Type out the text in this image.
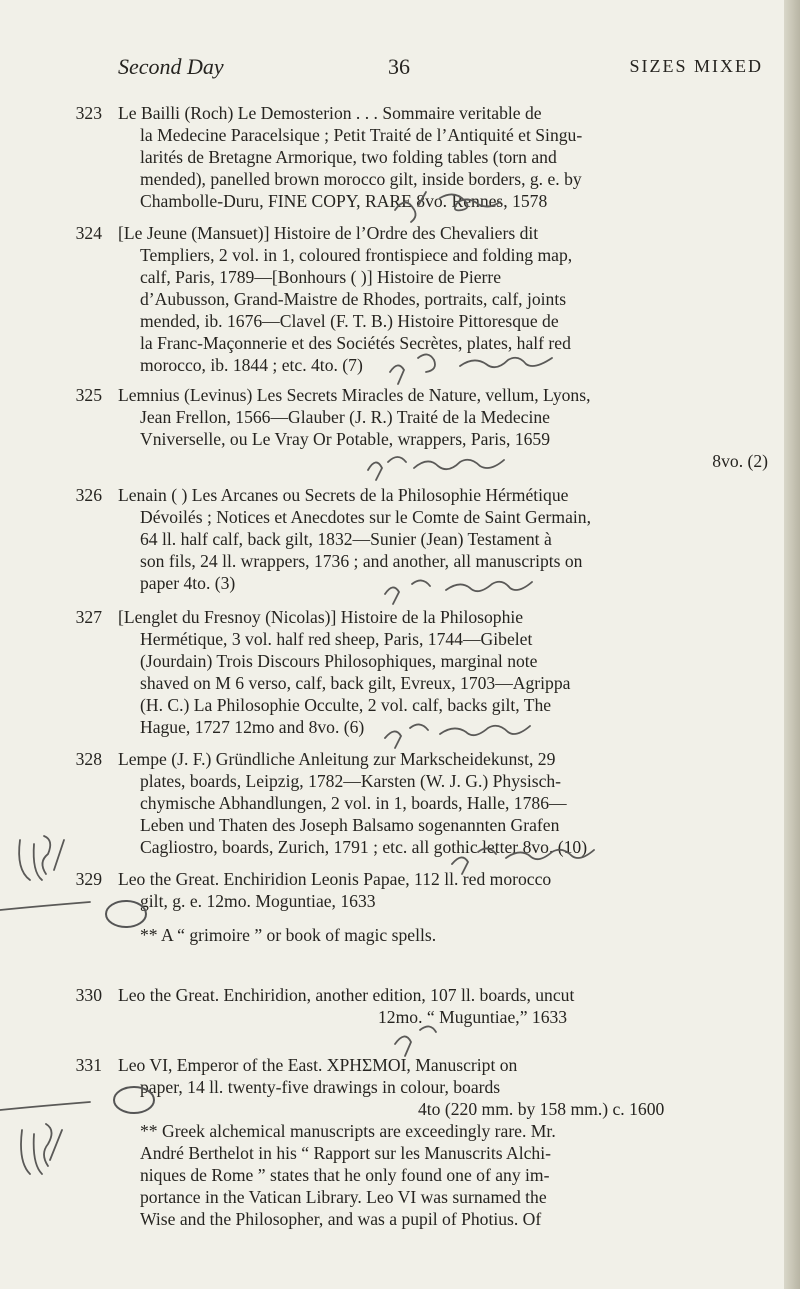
Second Day	36	SIZES MIXED
323 Le Bailli (Roch) Le Demosterion . . . Sommaire veritable de
la Medecine Paracelsique ; Petit Traité de l’Antiquité et Singu-
larités de Bretagne Armorique, two folding tables (torn and
mended), panelled brown morocco gilt, inside borders, g. e. by
Chambolle-Duru, FINE COPY, RARE 8vo. Rennes, 1578
324 [Le Jeune (Mansuet)] Histoire de l’Ordre des Chevaliers dit
Templiers, 2 vol. in 1, coloured frontispiece and folding map,
calf, Paris, 1789—[Bonhours ( )] Histoire de Pierre
d’Aubusson, Grand-Maistre de Rhodes, portraits, calf, joints
mended, ib. 1676—Clavel (F. T. B.) Histoire Pittoresque de
la Franc-Maçonnerie et des Sociétés Secrètes, plates, half red
morocco, ib. 1844 ; etc. 4to. (7)
325 Lemnius (Levinus) Les Secrets Miracles de Nature, vellum, Lyons,
Jean Frellon, 1566—Glauber (J. R.) Traité de la Medecine
Vniverselle, ou Le Vray Or Potable, wrappers, Paris, 1659
8vo. (2)
326 Lenain ( ) Les Arcanes ou Secrets de la Philosophie Hérmétique
Dévoilés ; Notices et Anecdotes sur le Comte de Saint Germain,
64 ll. half calf, back gilt, 1832—Sunier (Jean) Testament à
son fils, 24 ll. wrappers, 1736 ; and another, all manuscripts on
paper 4to. (3)
327 [Lenglet du Fresnoy (Nicolas)] Histoire de la Philosophie
Hermétique, 3 vol. half red sheep, Paris, 1744—Gibelet
(Jourdain) Trois Discours Philosophiques, marginal note
shaved on M 6 verso, calf, back gilt, Evreux, 1703—Agrippa
(H. C.) La Philosophie Occulte, 2 vol. calf, backs gilt, The
Hague, 1727 12mo and 8vo. (6)
328 Lempe (J. F.) Gründliche Anleitung zur Markscheidekunst, 29
plates, boards, Leipzig, 1782—Karsten (W. J. G.) Physisch-
chymische Abhandlungen, 2 vol. in 1, boards, Halle, 1786—
Leben und Thaten des Joseph Balsamo sogenannten Grafen
Cagliostro, boards, Zurich, 1791 ; etc. all gothic letter 8vo. (10)
329 Leo the Great. Enchiridion Leonis Papae, 112 ll. red morocco
gilt, g. e. 12mo. Moguntiae, 1633
** A “ grimoire ” or book of magic spells.
330 Leo the Great. Enchiridion, another edition, 107 ll. boards, uncut
12mo. “ Muguntiae,” 1633
331 Leo VI, Emperor of the East. ΧΡΗΣΜΟΙ, Manuscript on
paper, 14 ll. twenty-five drawings in colour, boards
4to (220 mm. by 158 mm.) c. 1600
** Greek alchemical manuscripts are exceedingly rare. Mr.
André Berthelot in his “ Rapport sur les Manuscrits Alchi-
niques de Rome ” states that he only found one of any im-
portance in the Vatican Library. Leo VI was surnamed the
Wise and the Philosopher, and was a pupil of Photius. Of
